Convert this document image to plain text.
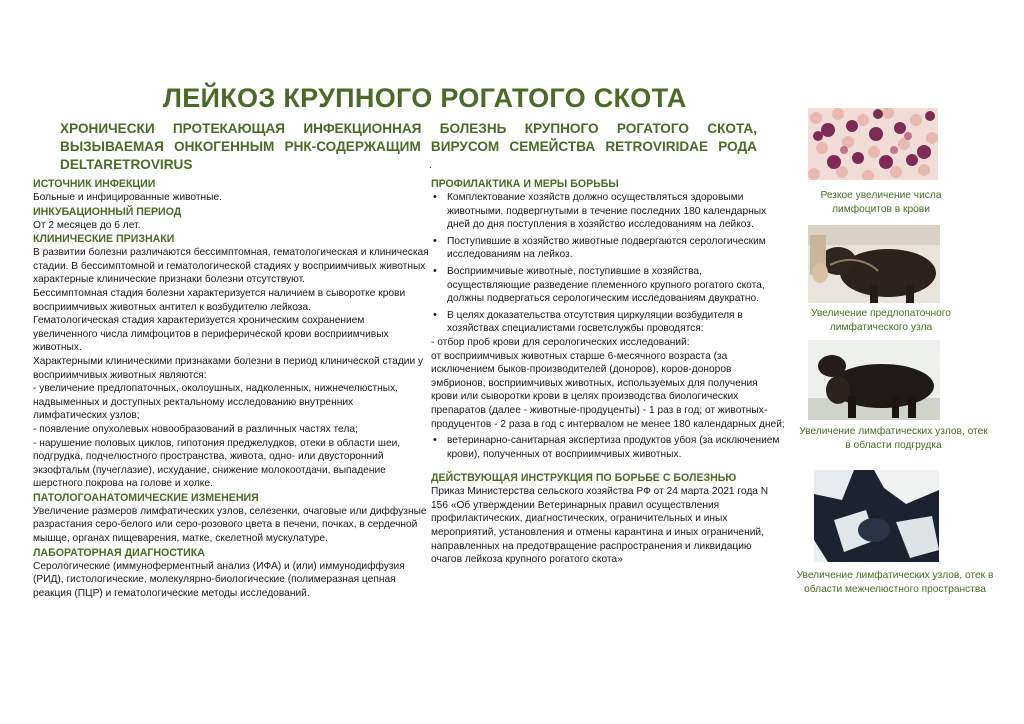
ЛЕЙКОЗ КРУПНОГО РОГАТОГО СКОТА
ХРОНИЧЕСКИ ПРОТЕКАЮЩАЯ ИНФЕКЦИОННАЯ БОЛЕЗНЬ КРУПНОГО РОГАТОГО СКОТА, ВЫЗЫВАЕМАЯ ОНКОГЕННЫМ РНК-СОДЕРЖАЩИМ ВИРУСОМ СЕМЕЙСТВА RETROVIRIDAE РОДА DELTARETROVIRUS	.
ИСТОЧНИК ИНФЕКЦИИ
Больные и инфицированные животные.
ИНКУБАЦИОННЫЙ ПЕРИОД
От 2 месяцев до 6 лет.
КЛИНИЧЕСКИЕ ПРИЗНАКИ
В развитии болезни различаются бессимптомная, гематологическая и клиническая стадии. В бессимптомной и гематологической стадиях у восприимчивых животных характерные клинические признаки болезни отсутствуют.
Бессимптомная стадия болезни характеризуется наличием в сыворотке крови восприимчивых животных антител к возбудителю лейкоза.
Гематологическая стадия характеризуется хроническим сохранением увеличенного числа лимфоцитов в периферической крови восприимчивых животных.
Характерными клиническими признаками болезни в период клинической стадии у восприимчивых животных являются:
- увеличение предлопаточных, околоушных, надколенных, нижнечелюстных, надвыменных и доступных ректальному исследованию внутренних лимфатических узлов;
- появление опухолевых новообразований в различных частях тела;
- нарушение половых циклов, гипотония преджелудков, отеки в области шеи, подгрудка, подчелюстного пространства, живота, одно- или двусторонний экзофтальм (пучеглазие), исхудание, снижение молокоотдачи, выпадение шерстного покрова на голове и холке.
ПАТОЛОГОАНАТОМИЧЕСКИЕ ИЗМЕНЕНИЯ
Увеличение размеров лимфатических узлов, селезенки, очаговые или диффузные разрастания серо-белого или серо-розового цвета в печени, почках, в сердечной мышце, органах пищеварения, матке, скелетной мускулатуре.
ЛАБОРАТОРНАЯ ДИАГНОСТИКА
Серологические (иммуноферментный анализ (ИФА) и (или) иммунодиффузия (РИД), гистологические, молекулярно-биологические (полимеразная цепная реакция (ПЦР) и гематологические методы исследований.
ПРОФИЛАКТИКА И МЕРЫ БОРЬБЫ
• Комплектование хозяйств должно осуществляться здоровыми животными, подвергнутыми в течение последних 180 календарных дней до дня поступления в хозяйство исследованиям на лейкоз.
• Поступившие в хозяйство животные подвергаются серологическим исследованиям на лейкоз.
• Восприимчивые животные, поступившие в хозяйства, осуществляющие разведение племенного крупного рогатого скота, должны подвергаться серологическим исследованиям двукратно.
• В целях доказательства отсутствия циркуляции возбудителя в хозяйствах специалистами госветслужбы проводятся:
- отбор проб крови для серологических исследований:
от восприимчивых животных старше 6-месячного возраста (за исключением быков-производителей (доноров), коров-доноров эмбрионов, восприимчивых животных, используемых для получения крови или сыворотки крови в целях производства биологических препаратов (далее - животные-продуценты) - 1 раз в год; от животных-продуцентов - 2 раза в год с интервалом не менее 180 календарных дней;
• ветеринарно-санитарная экспертиза продуктов убоя (за исключением крови), полученных от восприимчивых животных.
ДЕЙСТВУЮЩАЯ ИНСТРУКЦИЯ ПО БОРЬБЕ С БОЛЕЗНЬЮ
Приказ Министерства сельского хозяйства РФ от 24 марта 2021 года N 156 «Об утверждении Ветеринарных правил осуществления профилактических, диагностических, ограничительных и иных мероприятий, установления и отмены карантина и иных ограничений, направленных на предотвращение распространения и ликвидацию очагов лейкоза крупного рогатого скота»
Резкое увеличение числа лимфоцитов в крови
Увеличение предлопаточного лимфатического узла
Увеличение лимфатических узлов, отек в области подгрудка
Увеличение лимфатических узлов, отек в области межчелюстного пространства
